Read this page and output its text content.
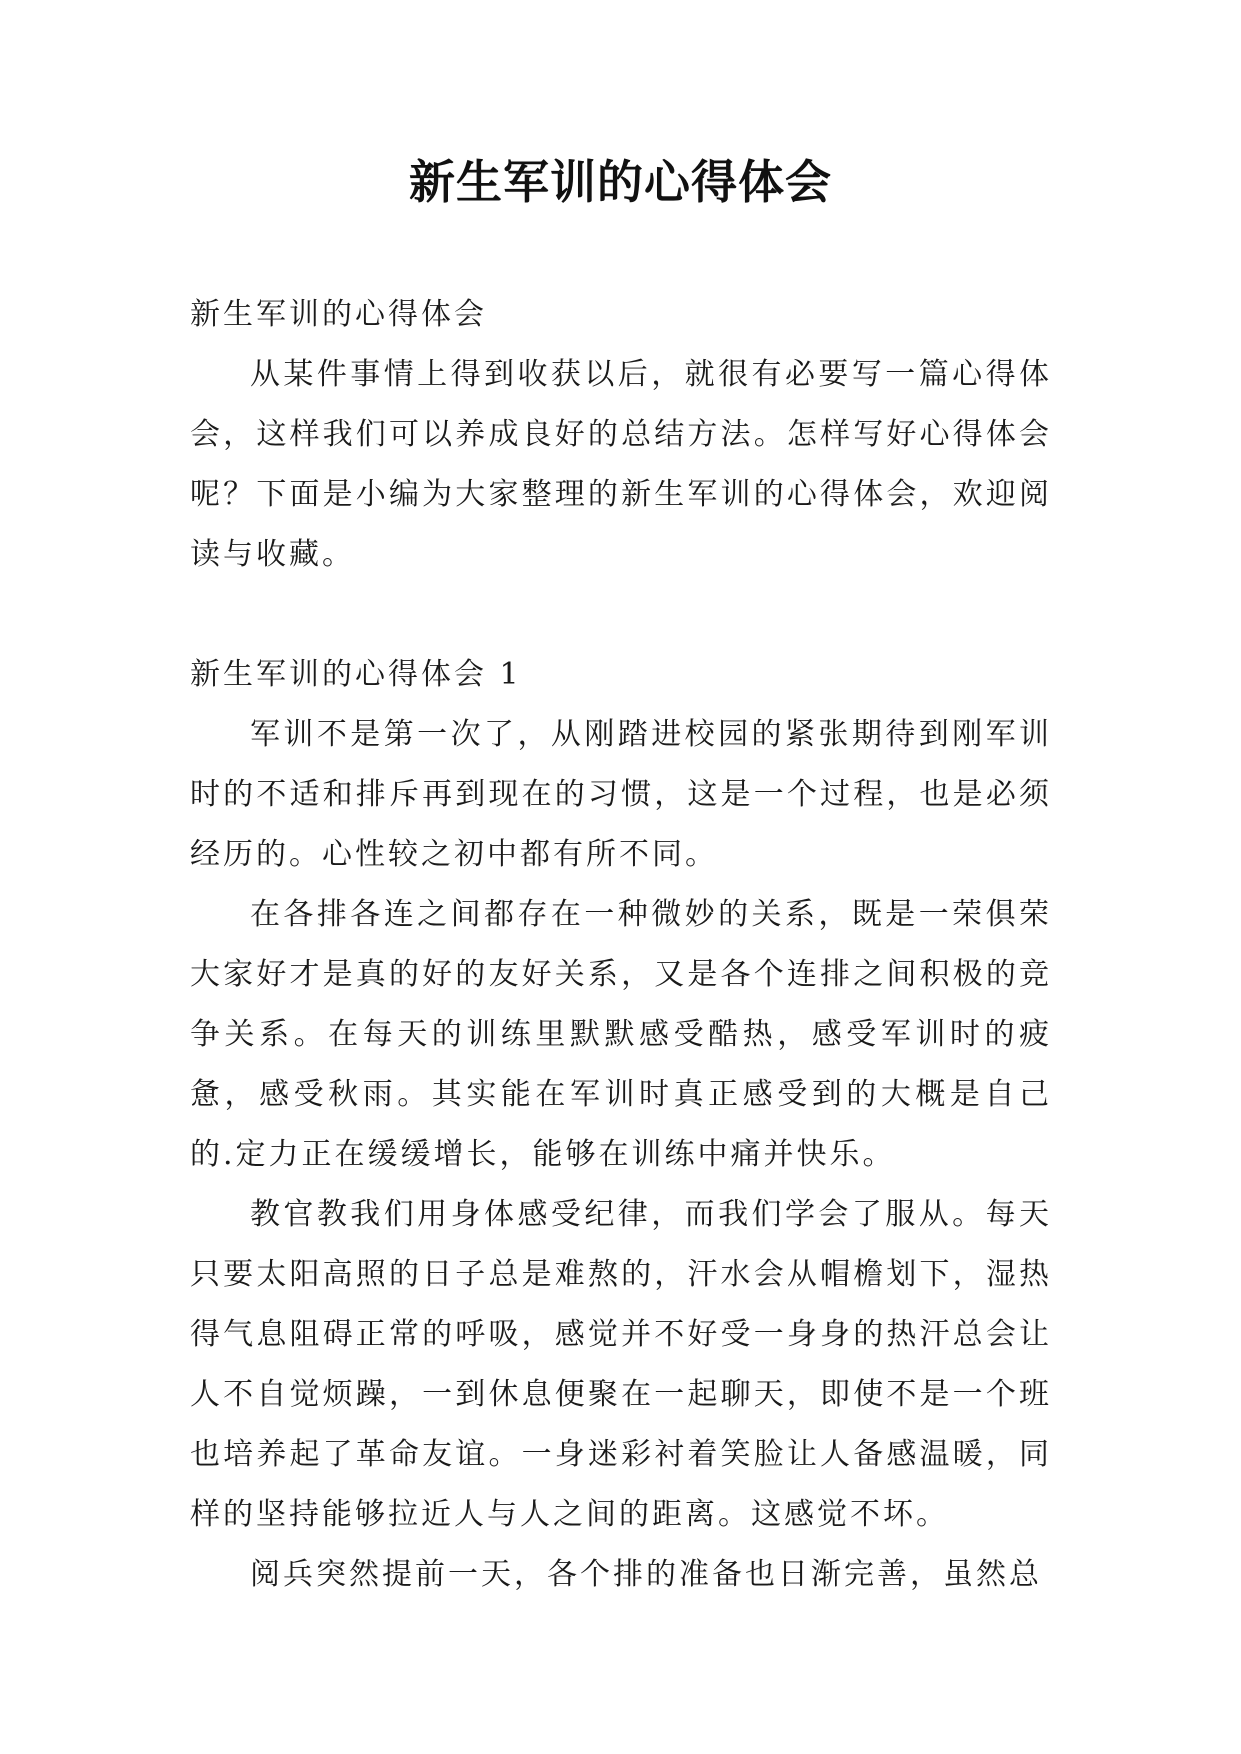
新生军训的心得体会

新生军训的心得体会

从某件事情上得到收获以后，就很有必要写一篇心得体会，这样我们可以养成良好的总结方法。怎样写好心得体会呢？下面是小编为大家整理的新生军训的心得体会，欢迎阅读与收藏。

新生军训的心得体会 1

军训不是第一次了，从刚踏进校园的紧张期待到刚军训时的不适和排斥再到现在的习惯，这是一个过程，也是必须经历的。心性较之初中都有所不同。

在各排各连之间都存在一种微妙的关系，既是一荣俱荣大家好才是真的好的友好关系，又是各个连排之间积极的竞争关系。在每天的训练里默默感受酷热，感受军训时的疲惫，感受秋雨。其实能在军训时真正感受到的大概是自己的.定力正在缓缓增长，能够在训练中痛并快乐。

教官教我们用身体感受纪律，而我们学会了服从。每天只要太阳高照的日子总是难熬的，汗水会从帽檐划下，湿热得气息阻碍正常的呼吸，感觉并不好受一身身的热汗总会让人不自觉烦躁，一到休息便聚在一起聊天，即使不是一个班也培养起了革命友谊。一身迷彩衬着笑脸让人备感温暖，同样的坚持能够拉近人与人之间的距离。这感觉不坏。

阅兵突然提前一天，各个排的准备也日渐完善，虽然总
